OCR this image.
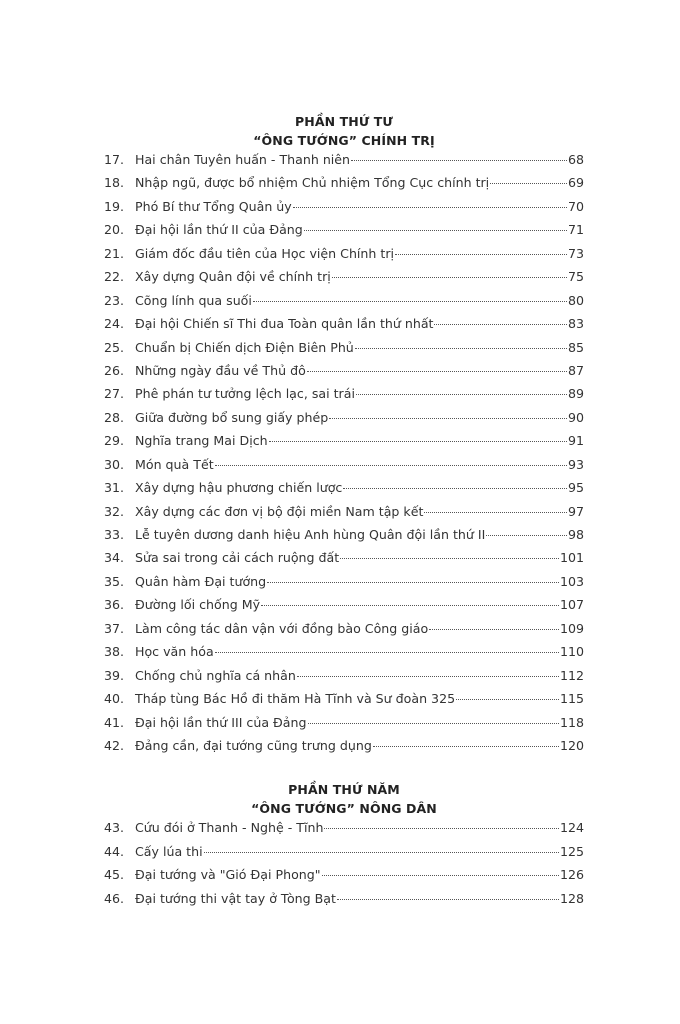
PHẦN THỨ TƯ
“ÔNG TƯỚNG” CHÍNH TRỊ
17. Hai chân Tuyên huấn - Thanh niên	68
18. Nhập ngũ, được bổ nhiệm Chủ nhiệm Tổng Cục chính trị	69
19. Phó Bí thư Tổng Quân ủy	70
20. Đại hội lần thứ II của Đảng	71
21. Giám đốc đầu tiên của Học viện Chính trị	73
22. Xây dựng Quân đội về chính trị	75
23. Cõng lính qua suối	80
24. Đại hội Chiến sĩ Thi đua Toàn quân lần thứ nhất	83
25. Chuẩn bị Chiến dịch Điện Biên Phủ	85
26. Những ngày đầu về Thủ đô	87
27. Phê phán tư tưởng lệch lạc, sai trái	89
28. Giữa đường bổ sung giấy phép	90
29. Nghĩa trang Mai Dịch	91
30. Món quà Tết	93
31. Xây dựng hậu phương chiến lược	95
32. Xây dựng các đơn vị bộ đội miền Nam tập kết	97
33. Lễ tuyên dương danh hiệu Anh hùng Quân đội lần thứ II	98
34. Sửa sai trong cải cách ruộng đất	101
35. Quân hàm Đại tướng	103
36. Đường lối chống Mỹ	107
37. Làm công tác dân vận với đồng bào Công giáo	109
38. Học văn hóa	110
39. Chống chủ nghĩa cá nhân	112
40. Tháp tùng Bác Hồ đi thăm Hà Tĩnh và Sư đoàn 325	115
41. Đại hội lần thứ III của Đảng	118
42. Đảng cần, đại tướng cũng trưng dụng	120
PHẦN THỨ NĂM
“ÔNG TƯỚNG” NÔNG DÂN
43. Cứu đói ở Thanh - Nghệ - Tĩnh	124
44. Cấy lúa thi	125
45. Đại tướng và "Gió Đại Phong"	126
46. Đại tướng thi vật tay ở Tòng Bạt	128
